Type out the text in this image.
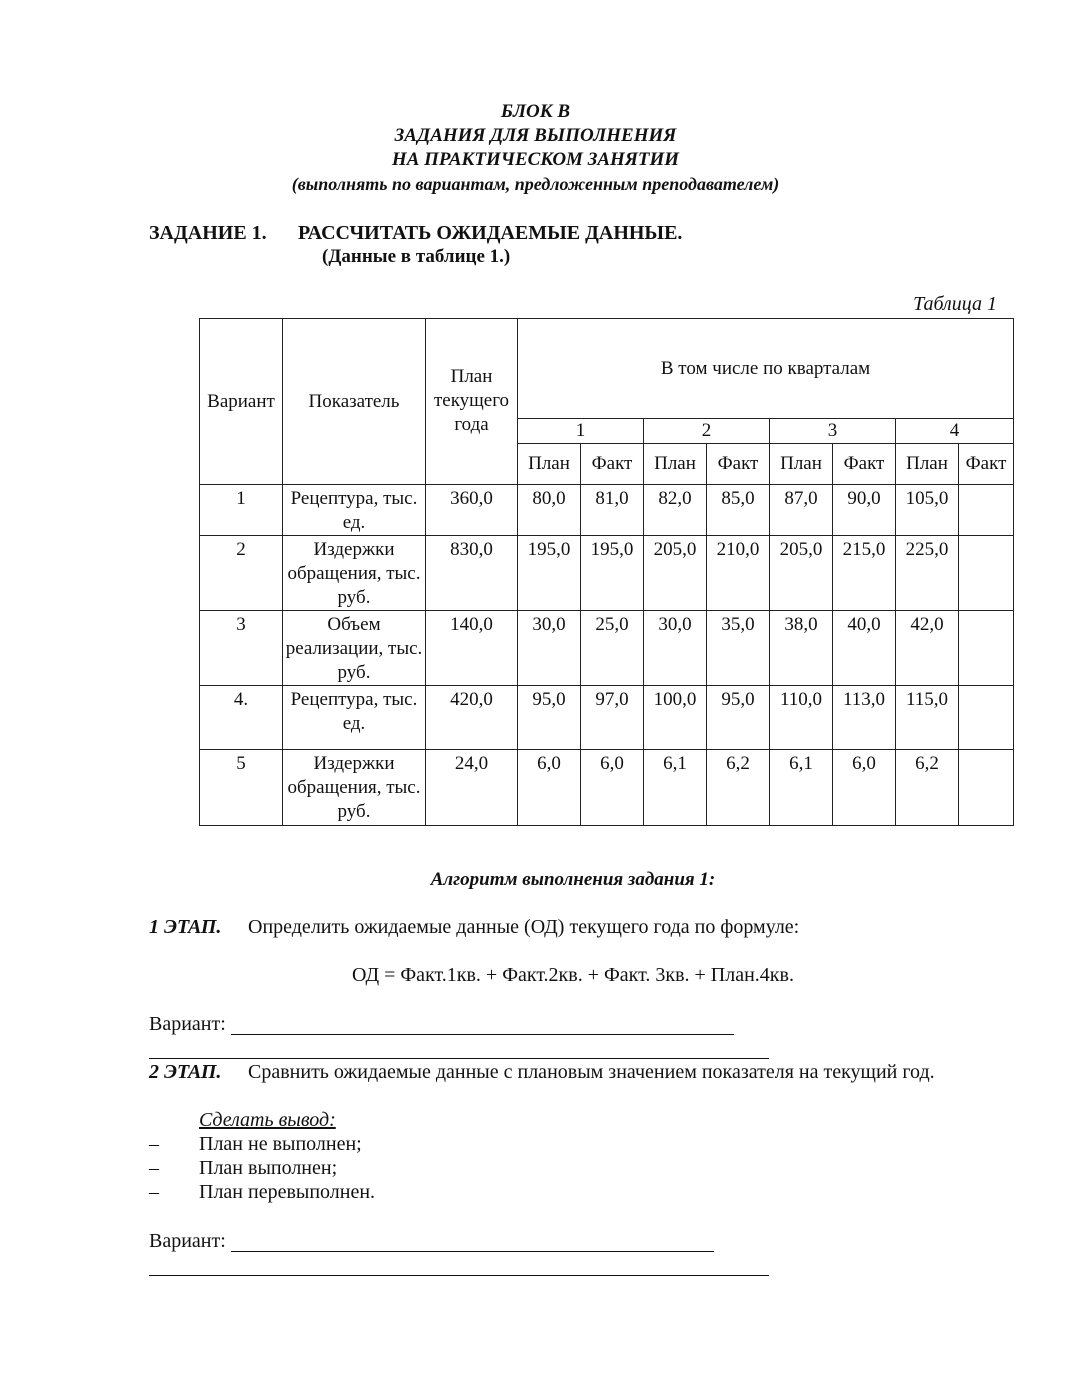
БЛОК В
ЗАДАНИЯ ДЛЯ ВЫПОЛНЕНИЯ
НА ПРАКТИЧЕСКОМ ЗАНЯТИИ
(выполнять по вариантам, предложенным преподавателем)
ЗАДАНИЕ 1. РАССЧИТАТЬ ОЖИДАЕМЫЕ ДАННЫЕ.
(Данные в таблице 1.)
Таблица 1
Вариант	Показатель	План текущего года	В том числе по кварталам							
			1		2		3		4	
			План	Факт	План	Факт	План	Факт	План	Факт
1	Рецептура, тыс. ед.	360,0	80,0	81,0	82,0	85,0	87,0	90,0	105,0	
2	Издержки обращения, тыс. руб.	830,0	195,0	195,0	205,0	210,0	205,0	215,0	225,0	
3	Объем реализации, тыс. руб.	140,0	30,0	25,0	30,0	35,0	38,0	40,0	42,0	
4.	Рецептура, тыс. ед.	420,0	95,0	97,0	100,0	95,0	110,0	113,0	115,0	
5	Издержки обращения, тыс. руб.	24,0	6,0	6,0	6,1	6,2	6,1	6,0	6,2	
Алгоритм выполнения задания 1:
1 ЭТАП. Определить ожидаемые данные (ОД) текущего года по формуле:
ОД = Факт.1кв. + Факт.2кв. + Факт. 3кв. + План.4кв.
Вариант:
2 ЭТАП. Сравнить ожидаемые данные с плановым значением показателя на текущий год.
Сделать вывод:
– План не выполнен;
– План выполнен;
– План перевыполнен.
Вариант:
